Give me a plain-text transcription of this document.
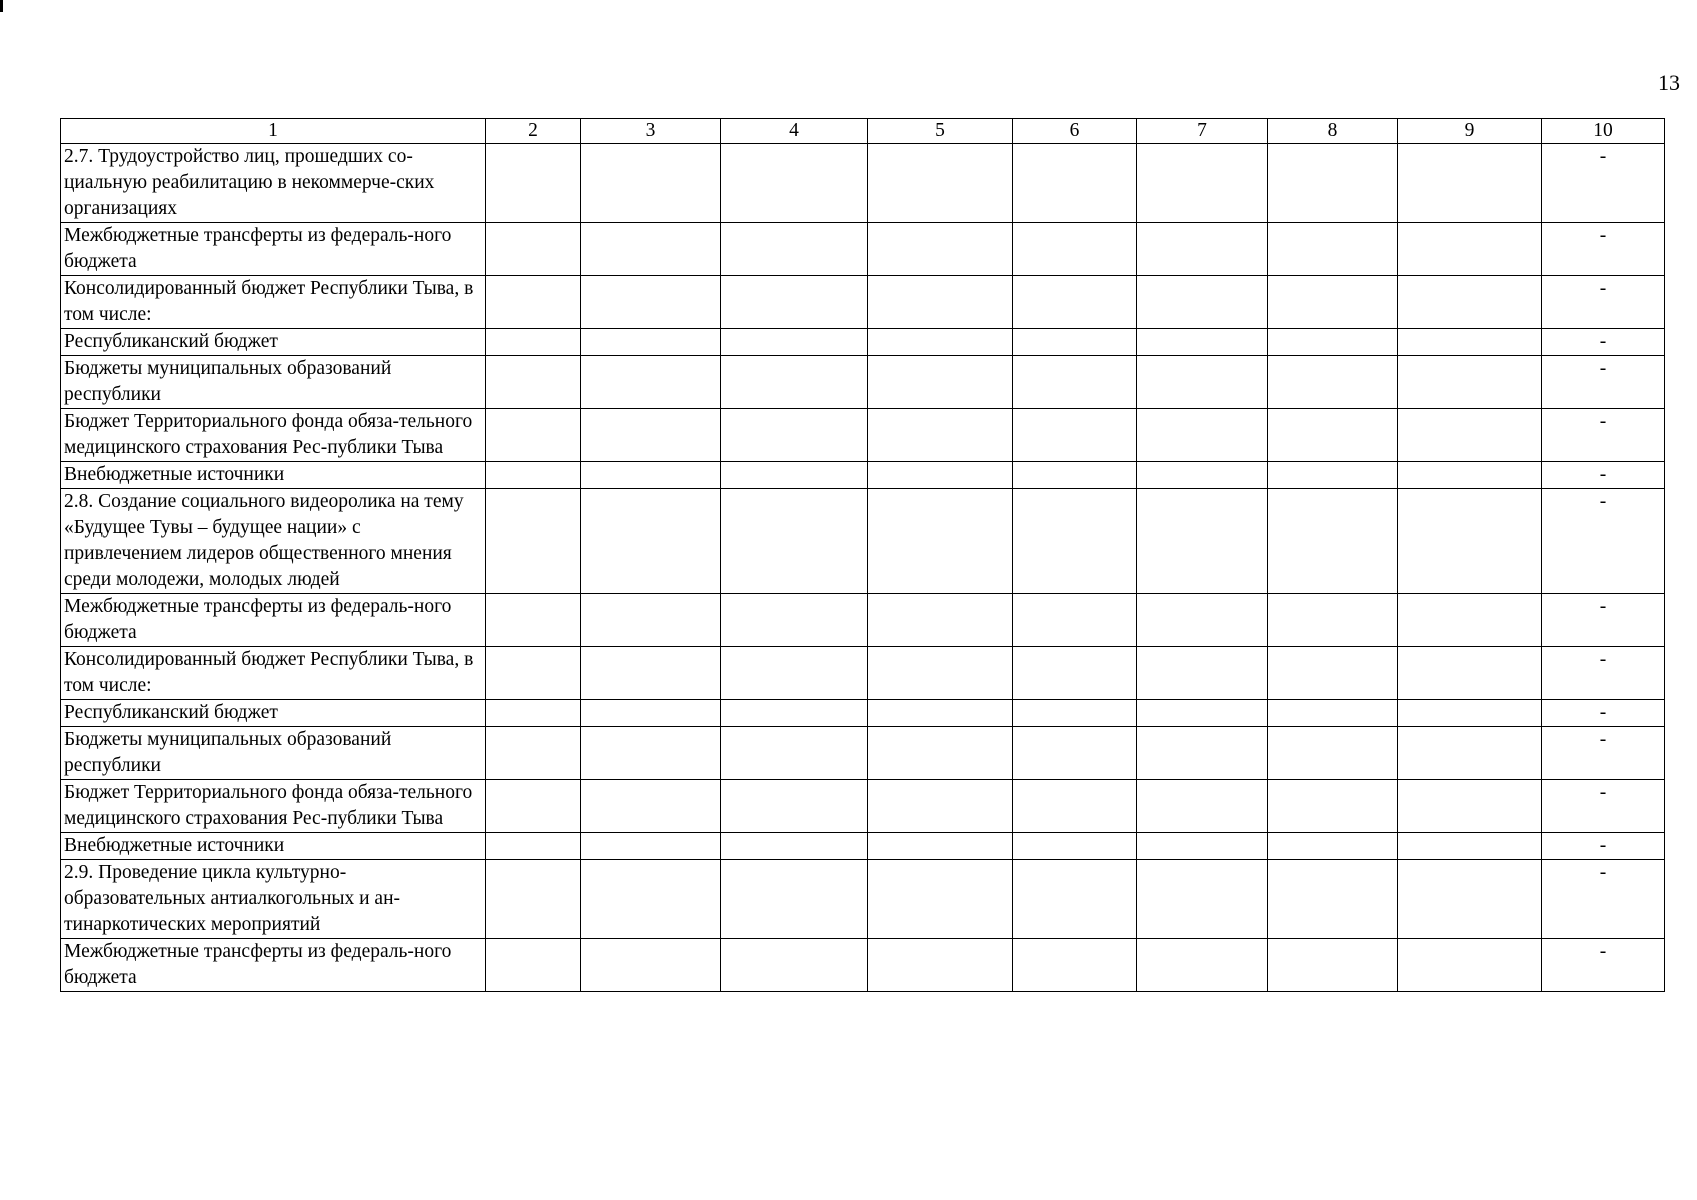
13
1	2	3	4	5	6	7	8	9	10
2.7. Трудоустройство лиц, прошедших со-циальную реабилитацию в некоммерче-ских организациях									-
Межбюджетные трансферты из федераль-ного бюджета									-
Консолидированный бюджет Республики Тыва, в том числе:									-
Республиканский бюджет									-
Бюджеты муниципальных образований республики									-
Бюджет Территориального фонда обяза-тельного медицинского страхования Рес-публики Тыва									-
Внебюджетные источники									-
2.8. Создание социального видеоролика на тему «Будущее Тувы – будущее нации» с привлечением лидеров общественного мнения среди молодежи, молодых людей									-
Межбюджетные трансферты из федераль-ного бюджета									-
Консолидированный бюджет Республики Тыва, в том числе:									-
Республиканский бюджет									-
Бюджеты муниципальных образований республики									-
Бюджет Территориального фонда обяза-тельного медицинского страхования Рес-публики Тыва									-
Внебюджетные источники									-
2.9. Проведение цикла культурно-образовательных антиалкогольных и ан-тинаркотических мероприятий									-
Межбюджетные трансферты из федераль-ного бюджета									-
